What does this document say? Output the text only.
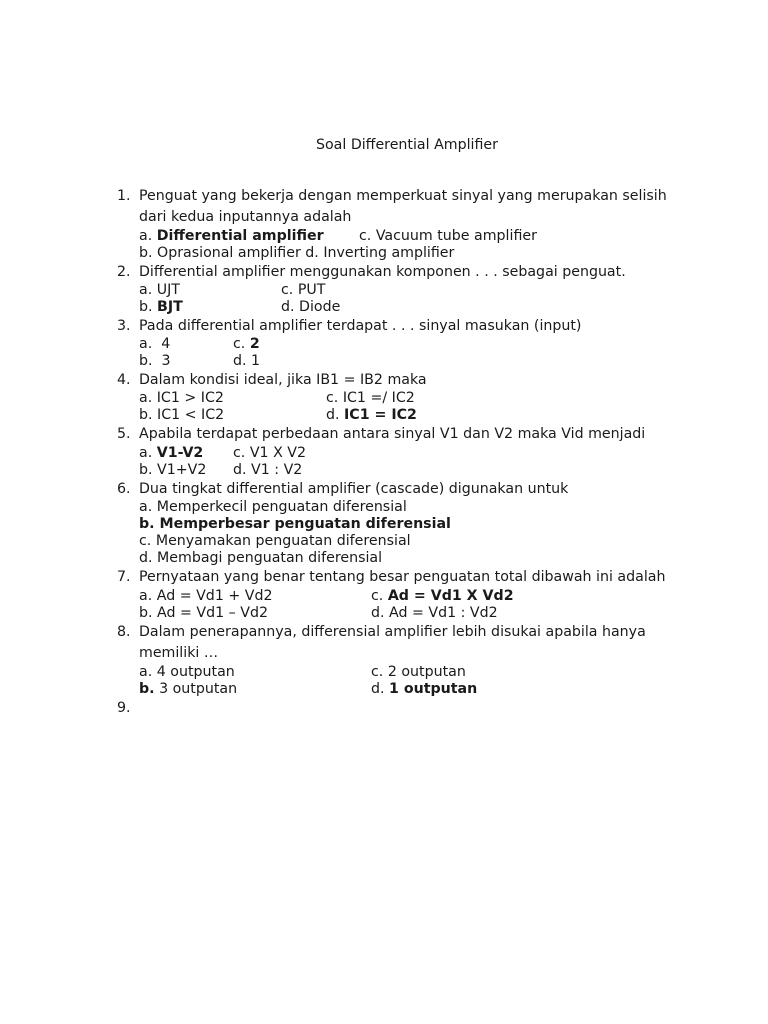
Soal Differential Amplifier
1. Penguat yang bekerja dengan memperkuat sinyal yang merupakan selisih dari kedua inputannya adalah
a. Differential amplifier c. Vacuum tube amplifier
b. Oprasional amplifier d. Inverting amplifier
2. Differential amplifier menggunakan komponen . . . sebagai penguat.
a. UJT	c. PUT
b. BJT	d. Diode
3. Pada differential amplifier terdapat . . . sinyal masukan (input)
a. 4	c. 2
b. 3	d. 1
4. Dalam kondisi ideal, jika IB1 = IB2 maka
a. IC1 > IC2	c. IC1 =/ IC2
b. IC1 < IC2	d. IC1 = IC2
5. Apabila terdapat perbedaan antara sinyal V1 dan V2 maka Vid menjadi
a. V1-V2 c. V1 X V2
b. V1+V2 d. V1 : V2
6. Dua tingkat differential amplifier (cascade) digunakan untuk
a. Memperkecil penguatan diferensial
b. Memperbesar penguatan diferensial
c. Menyamakan penguatan diferensial
d. Membagi penguatan diferensial
7. Pernyataan yang benar tentang besar penguatan total dibawah ini adalah
a. Ad = Vd1 + Vd2	c. Ad = Vd1 X Vd2
b. Ad = Vd1 – Vd2	d. Ad = Vd1 : Vd2
8. Dalam penerapannya, differensial amplifier lebih disukai apabila hanya memiliki …
a. 4 outputan	c. 2 outputan
b. 3 outputan	d. 1 outputan
9.
